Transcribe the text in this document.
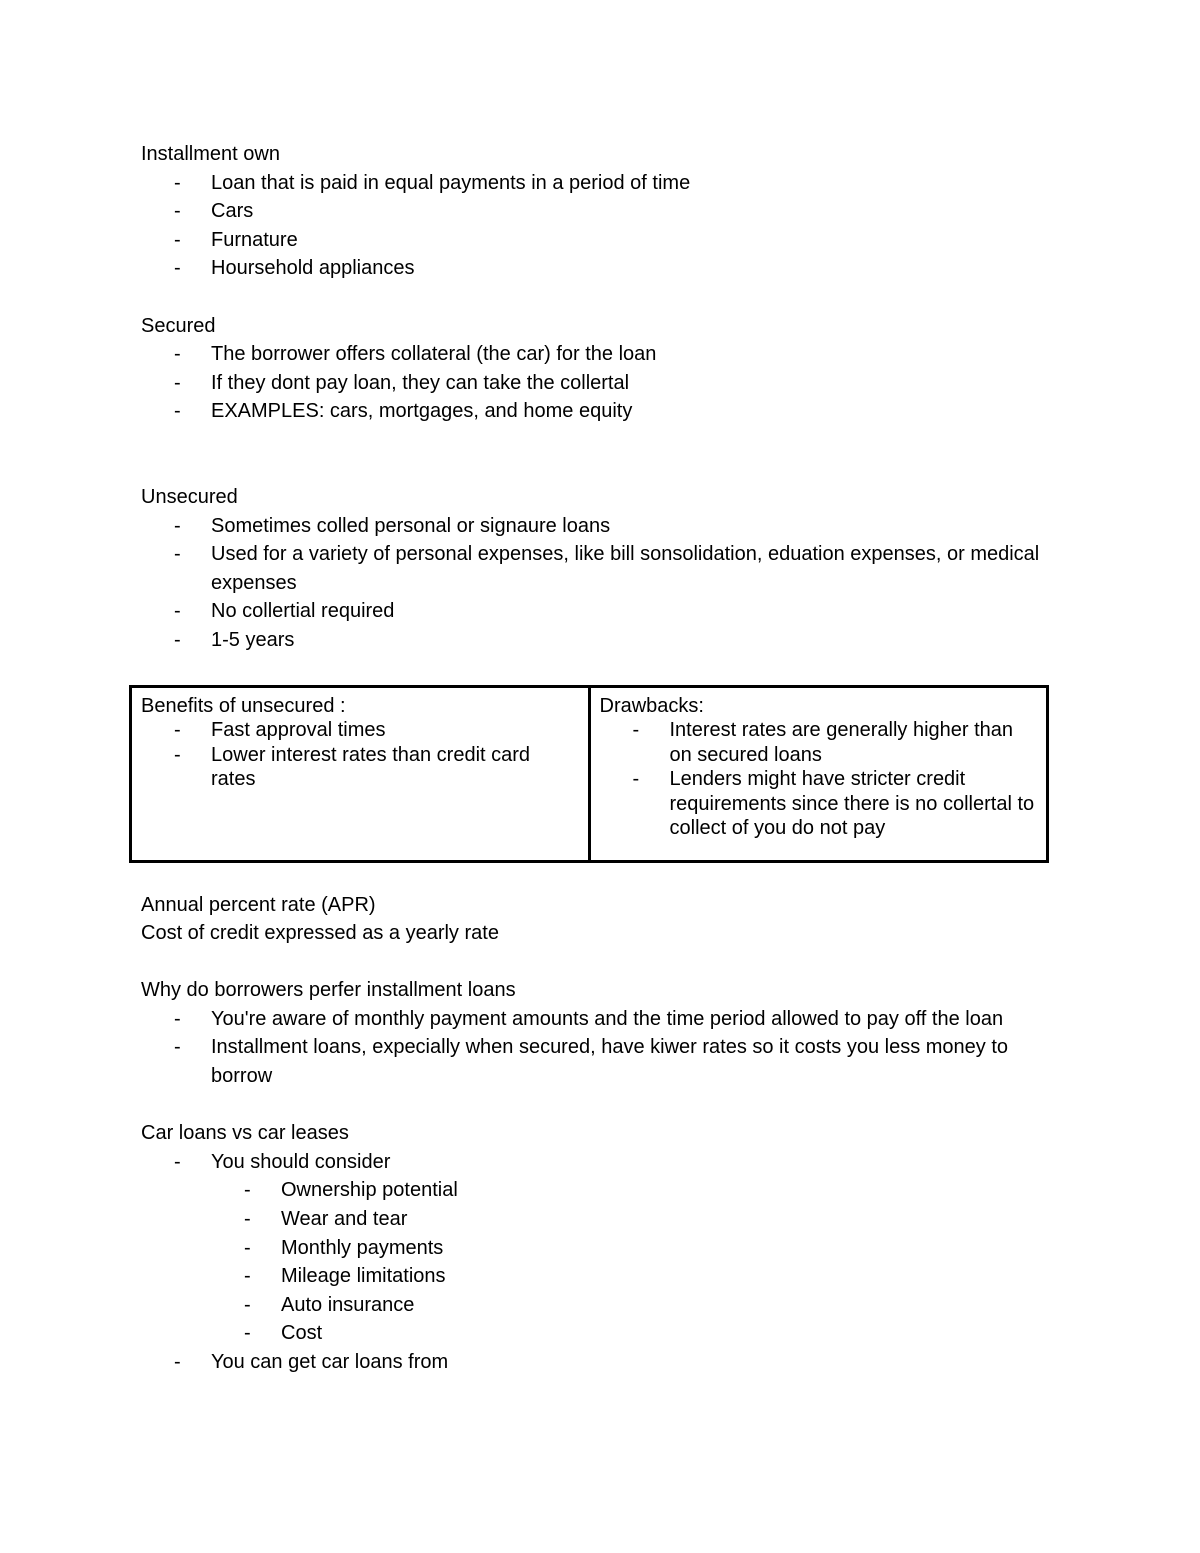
Installment own
- Loan that is paid in equal payments in a period of time
- Cars
- Furnature
- Hoursehold appliances
Secured
- The borrower offers collateral (the car) for the loan
- If they dont pay loan, they can take the collertal
- EXAMPLES: cars, mortgages, and home equity
Unsecured
- Sometimes colled personal or signaure loans
- Used for a variety of personal expenses, like bill sonsolidation, eduation expenses, or medical expenses
- No collertial required
- 1-5 years
Benefits of unsecured :
- Fast approval times
- Lower interest rates than credit card rates

Drawbacks:
- Interest rates are generally higher than on secured loans
- Lenders might have stricter credit requirements since there is no collertal to collect of you do not pay
Annual percent rate (APR)
Cost of credit expressed as a yearly rate
Why do borrowers perfer installment loans
- You're aware of monthly payment amounts and the time period allowed to pay off the loan
- Installment loans, expecially when secured, have kiwer rates so it costs you less money to borrow
Car loans vs car leases
- You should consider
- Ownership potential
- Wear and tear
- Monthly payments
- Mileage limitations
- Auto insurance
- Cost
- You can get car loans from
